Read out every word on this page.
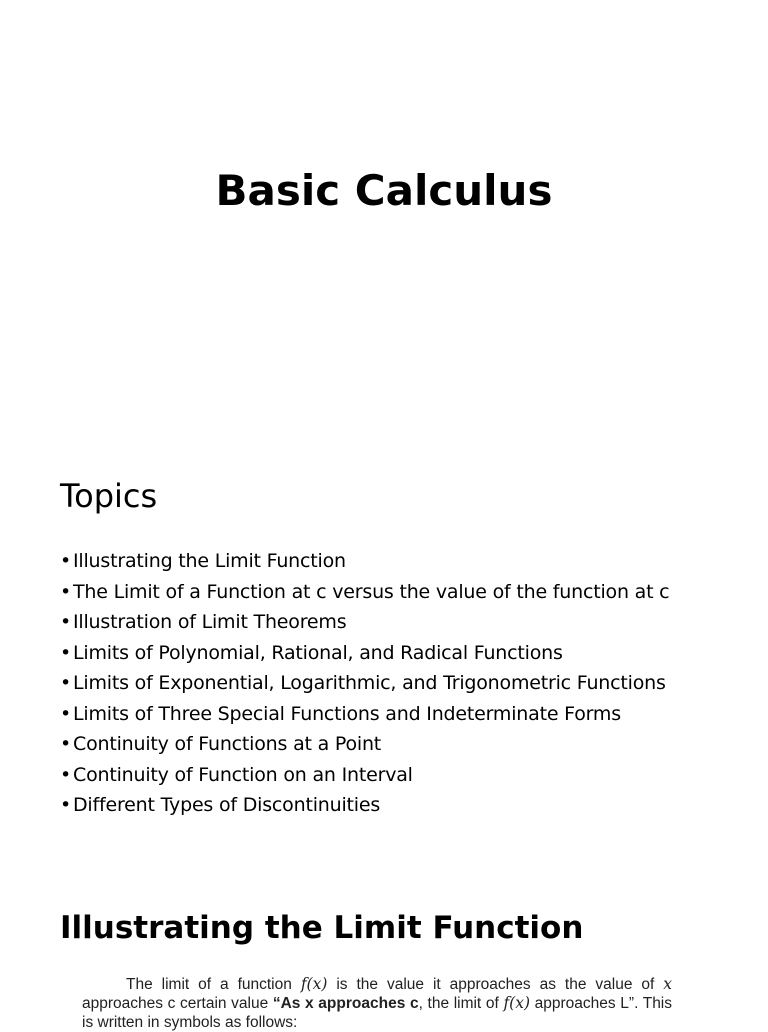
Basic Calculus
Topics
• Illustrating the Limit Function
• The Limit of a Function at c versus the value of the function at c
• Illustration of Limit Theorems
• Limits of Polynomial, Rational, and Radical Functions
• Limits of Exponential, Logarithmic, and Trigonometric Functions
• Limits of Three Special Functions and Indeterminate Forms
• Continuity of Functions at a Point
• Continuity of Function on an Interval
• Different Types of Discontinuities
Illustrating the Limit Function

The limit of a function f(x) is the value it approaches as the value of x approaches c certain value “As x approaches c, the limit of f(x) approaches L”. This is written in symbols as follows:
